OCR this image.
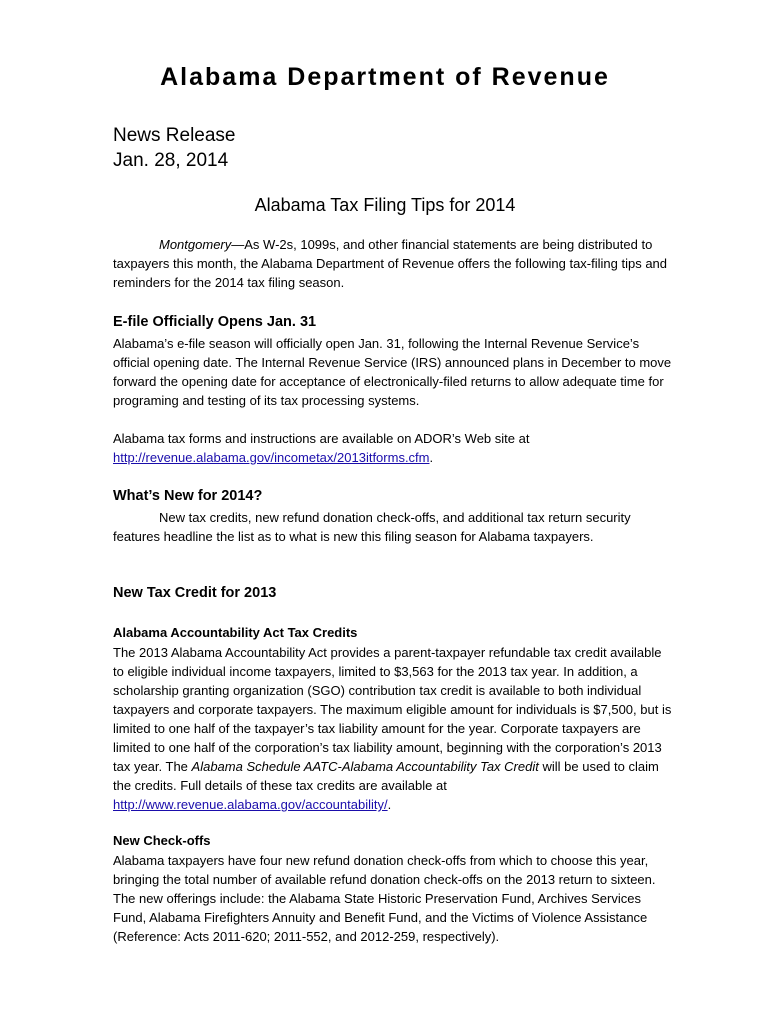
Alabama Department of Revenue
News Release
Jan. 28, 2014
Alabama Tax Filing Tips for 2014

Montgomery—As W-2s, 1099s, and other financial statements are being distributed to taxpayers this month, the Alabama Department of Revenue offers the following tax-filing tips and reminders for the 2014 tax filing season.

E-file Officially Opens Jan. 31

Alabama’s e-file season will officially open Jan. 31, following the Internal Revenue Service’s official opening date. The Internal Revenue Service (IRS) announced plans in December to move forward the opening date for acceptance of electronically-filed returns to allow adequate time for programing and testing of its tax processing systems.

Alabama tax forms and instructions are available on ADOR’s Web site at
http://revenue.alabama.gov/incometax/2013itforms.cfm.

What’s New for 2014?

New tax credits, new refund donation check-offs, and additional tax return security features headline the list as to what is new this filing season for Alabama taxpayers.

New Tax Credit for 2013
Alabama Accountability Act Tax Credits

The 2013 Alabama Accountability Act provides a parent-taxpayer refundable tax credit available to eligible individual income taxpayers, limited to $3,563 for the 2013 tax year. In addition, a scholarship granting organization (SGO) contribution tax credit is available to both individual taxpayers and corporate taxpayers. The maximum eligible amount for individuals is $7,500, but is limited to one half of the taxpayer’s tax liability amount for the year. Corporate taxpayers are limited to one half of the corporation’s tax liability amount, beginning with the corporation’s 2013 tax year. The Alabama Schedule AATC-Alabama Accountability Tax Credit will be used to claim the credits. Full details of these tax credits are available at http://www.revenue.alabama.gov/accountability/.

New Check-offs

Alabama taxpayers have four new refund donation check-offs from which to choose this year, bringing the total number of available refund donation check-offs on the 2013 return to sixteen. The new offerings include: the Alabama State Historic Preservation Fund, Archives Services Fund, Alabama Firefighters Annuity and Benefit Fund, and the Victims of Violence Assistance (Reference: Acts 2011-620; 2011-552, and 2012-259, respectively).
